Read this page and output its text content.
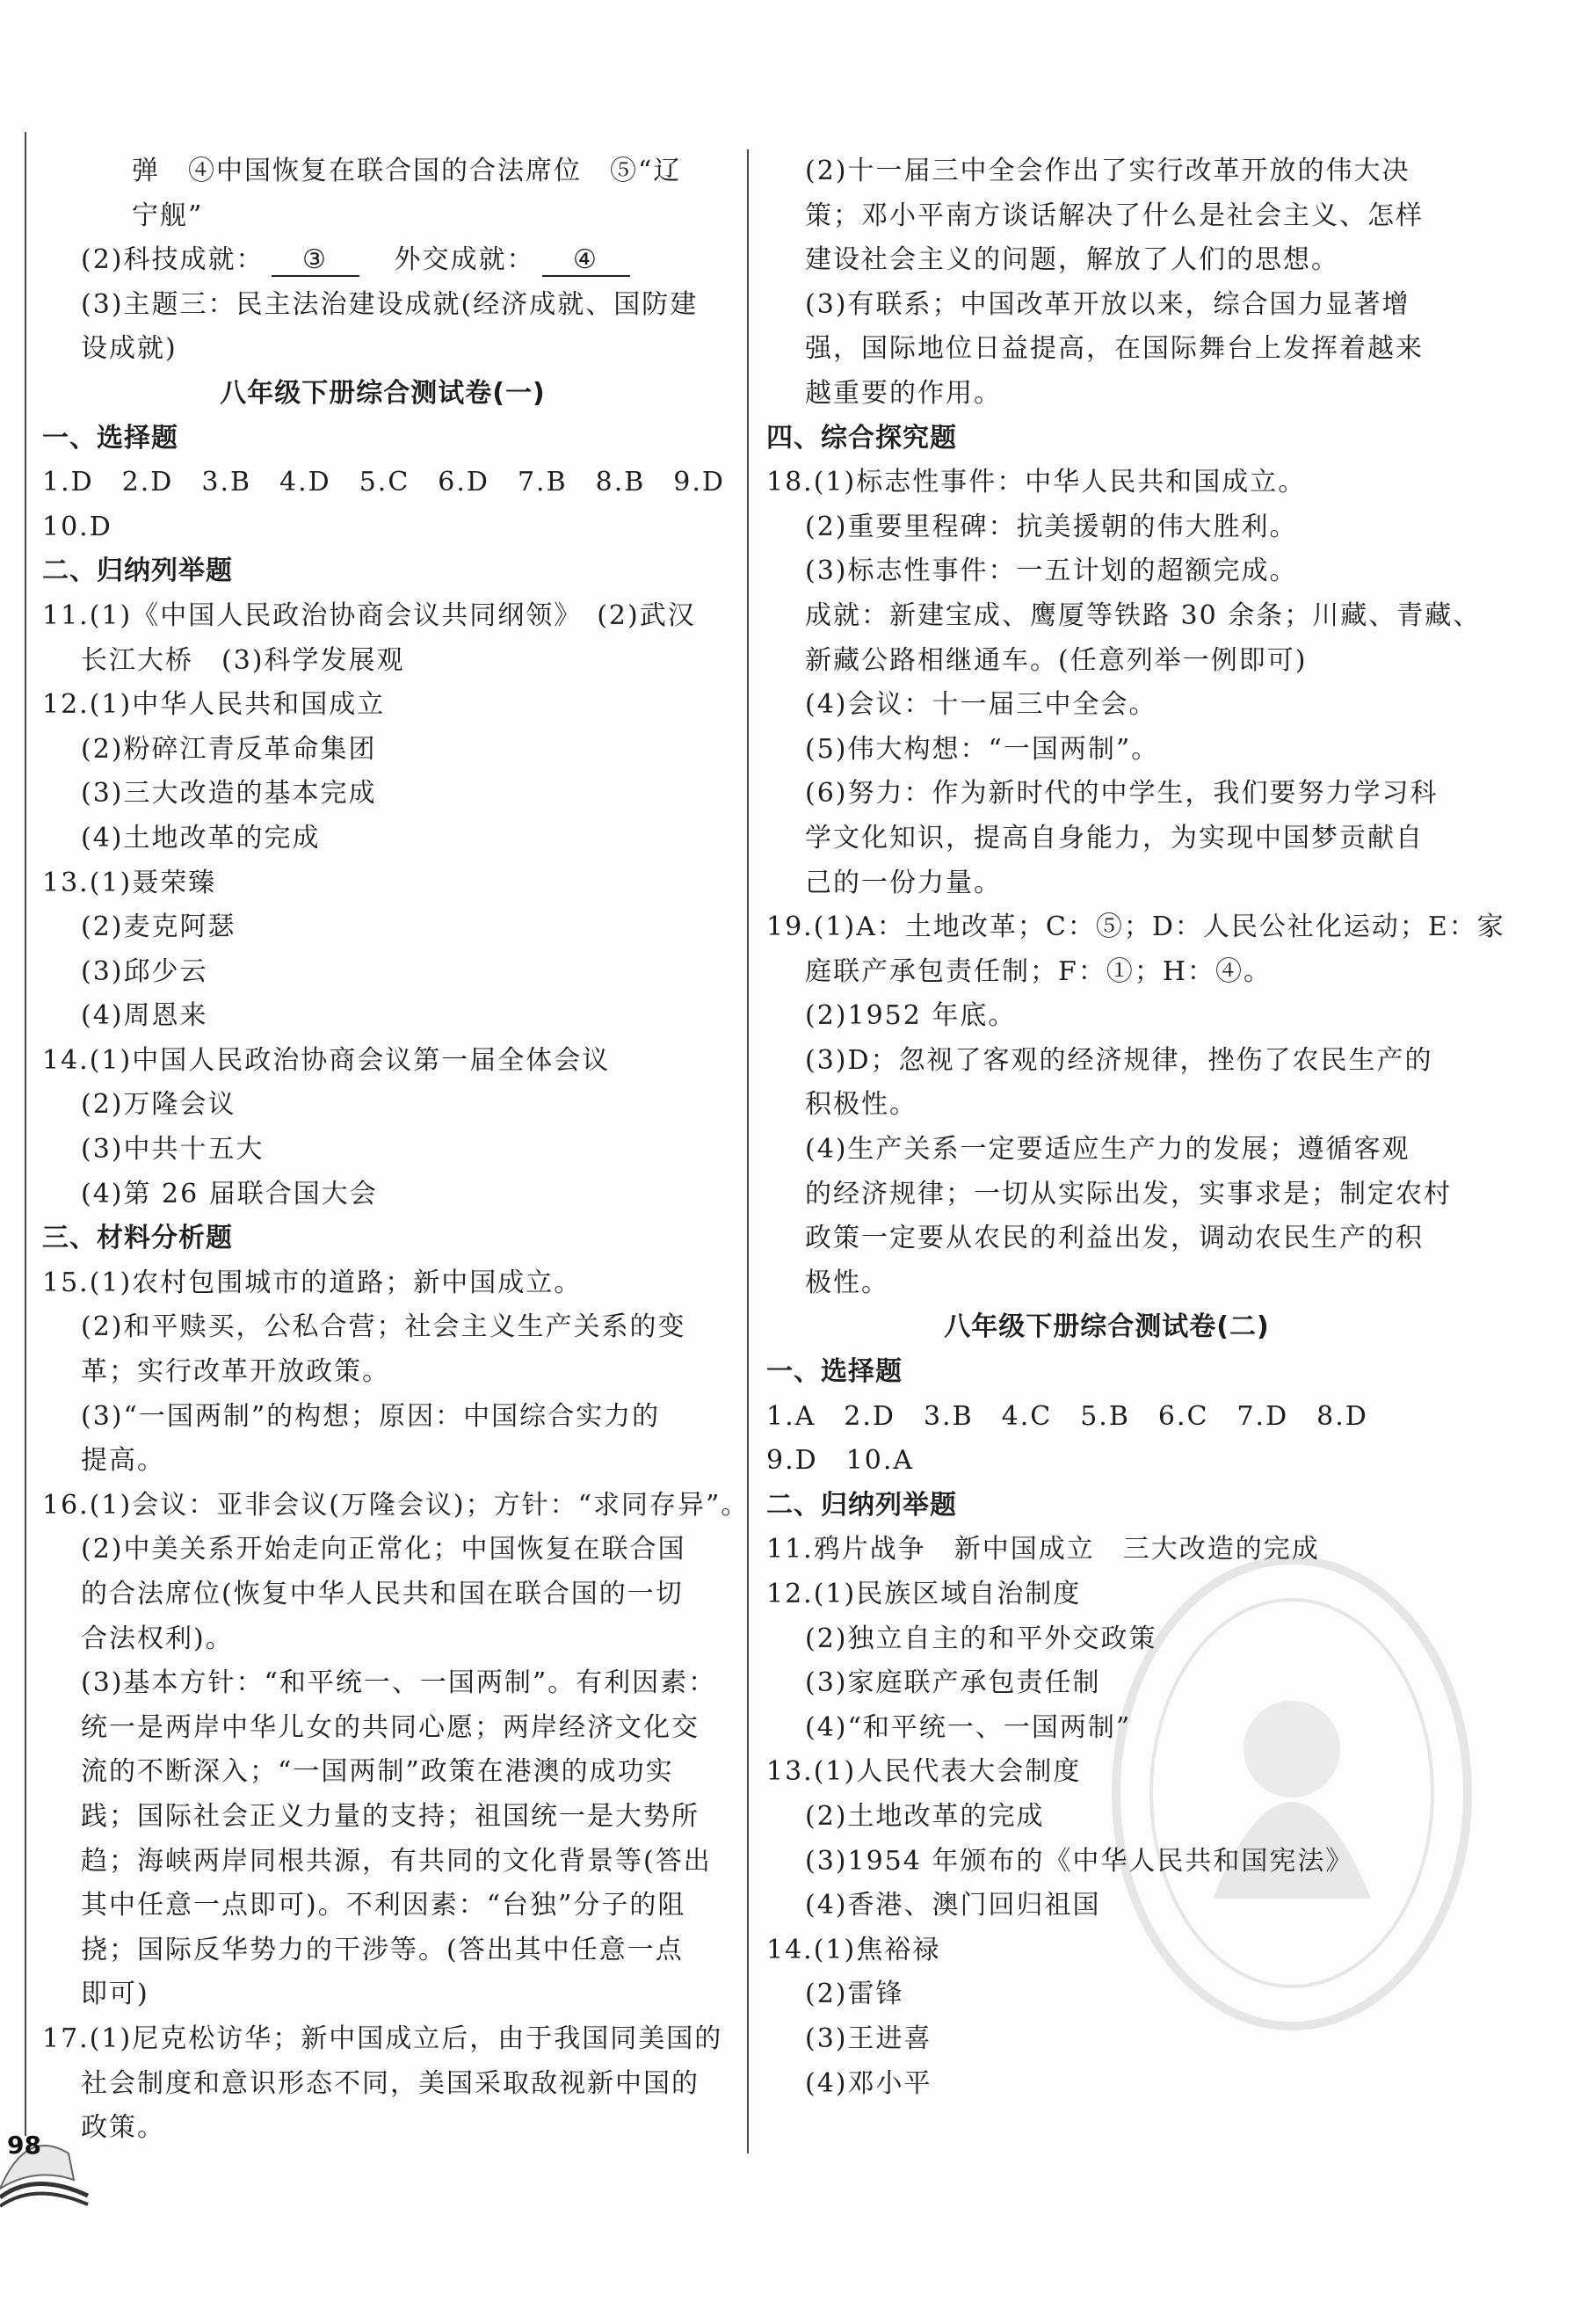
弹　④中国恢复在联合国的合法席位　⑤“辽
宁舰”
(2)科技成就： ③　外交成就： ④
(3)主题三：民主法治建设成就(经济成就、国防建
设成就)
八年级下册综合测试卷(一)
一、选择题
1.D　2.D　3.B　4.D　5.C　6.D　7.B　8.B　9.D
10.D
二、归纳列举题
11.(1)《中国人民政治协商会议共同纲领》　(2)武汉
长江大桥　(3)科学发展观
12.(1)中华人民共和国成立
(2)粉碎江青反革命集团
(3)三大改造的基本完成
(4)土地改革的完成
13.(1)聂荣臻
(2)麦克阿瑟
(3)邱少云
(4)周恩来
14.(1)中国人民政治协商会议第一届全体会议
(2)万隆会议
(3)中共十五大
(4)第 26 届联合国大会
三、材料分析题
15.(1)农村包围城市的道路；新中国成立。
(2)和平赎买，公私合营；社会主义生产关系的变
革；实行改革开放政策。
(3)“一国两制”的构想；原因：中国综合实力的
提高。
16.(1)会议：亚非会议(万隆会议)；方针：“求同存异”。
(2)中美关系开始走向正常化；中国恢复在联合国
的合法席位(恢复中华人民共和国在联合国的一切
合法权利)。
(3)基本方针：“和平统一、一国两制”。有利因素：
统一是两岸中华儿女的共同心愿；两岸经济文化交
流的不断深入；“一国两制”政策在港澳的成功实
践；国际社会正义力量的支持；祖国统一是大势所
趋；海峡两岸同根共源，有共同的文化背景等(答出
其中任意一点即可)。不利因素：“台独”分子的阻
挠；国际反华势力的干涉等。(答出其中任意一点
即可)
17.(1)尼克松访华；新中国成立后，由于我国同美国的
社会制度和意识形态不同，美国采取敌视新中国的
政策。
(2)十一届三中全会作出了实行改革开放的伟大决
策；邓小平南方谈话解决了什么是社会主义、怎样
建设社会主义的问题，解放了人们的思想。
(3)有联系；中国改革开放以来，综合国力显著增
强，国际地位日益提高，在国际舞台上发挥着越来
越重要的作用。
四、综合探究题
18.(1)标志性事件：中华人民共和国成立。
(2)重要里程碑：抗美援朝的伟大胜利。
(3)标志性事件：一五计划的超额完成。
成就：新建宝成、鹰厦等铁路 30 余条；川藏、青藏、
新藏公路相继通车。(任意列举一例即可)
(4)会议：十一届三中全会。
(5)伟大构想：“一国两制”。
(6)努力：作为新时代的中学生，我们要努力学习科
学文化知识，提高自身能力，为实现中国梦贡献自
己的一份力量。
19.(1)A：土地改革；C：⑤；D：人民公社化运动；E：家
庭联产承包责任制；F：①；H：④。
(2)1952 年底。
(3)D；忽视了客观的经济规律，挫伤了农民生产的
积极性。
(4)生产关系一定要适应生产力的发展；遵循客观
的经济规律；一切从实际出发，实事求是；制定农村
政策一定要从农民的利益出发，调动农民生产的积
极性。
八年级下册综合测试卷(二)
一、选择题
1.A　2.D　3.B　4.C　5.B　6.C　7.D　8.D
9.D　10.A
二、归纳列举题
11.鸦片战争　新中国成立　三大改造的完成
12.(1)民族区域自治制度
(2)独立自主的和平外交政策
(3)家庭联产承包责任制
(4)“和平统一、一国两制”
13.(1)人民代表大会制度
(2)土地改革的完成
(3)1954 年颁布的《中华人民共和国宪法》
(4)香港、澳门回归祖国
14.(1)焦裕禄
(2)雷锋
(3)王进喜
(4)邓小平
98
